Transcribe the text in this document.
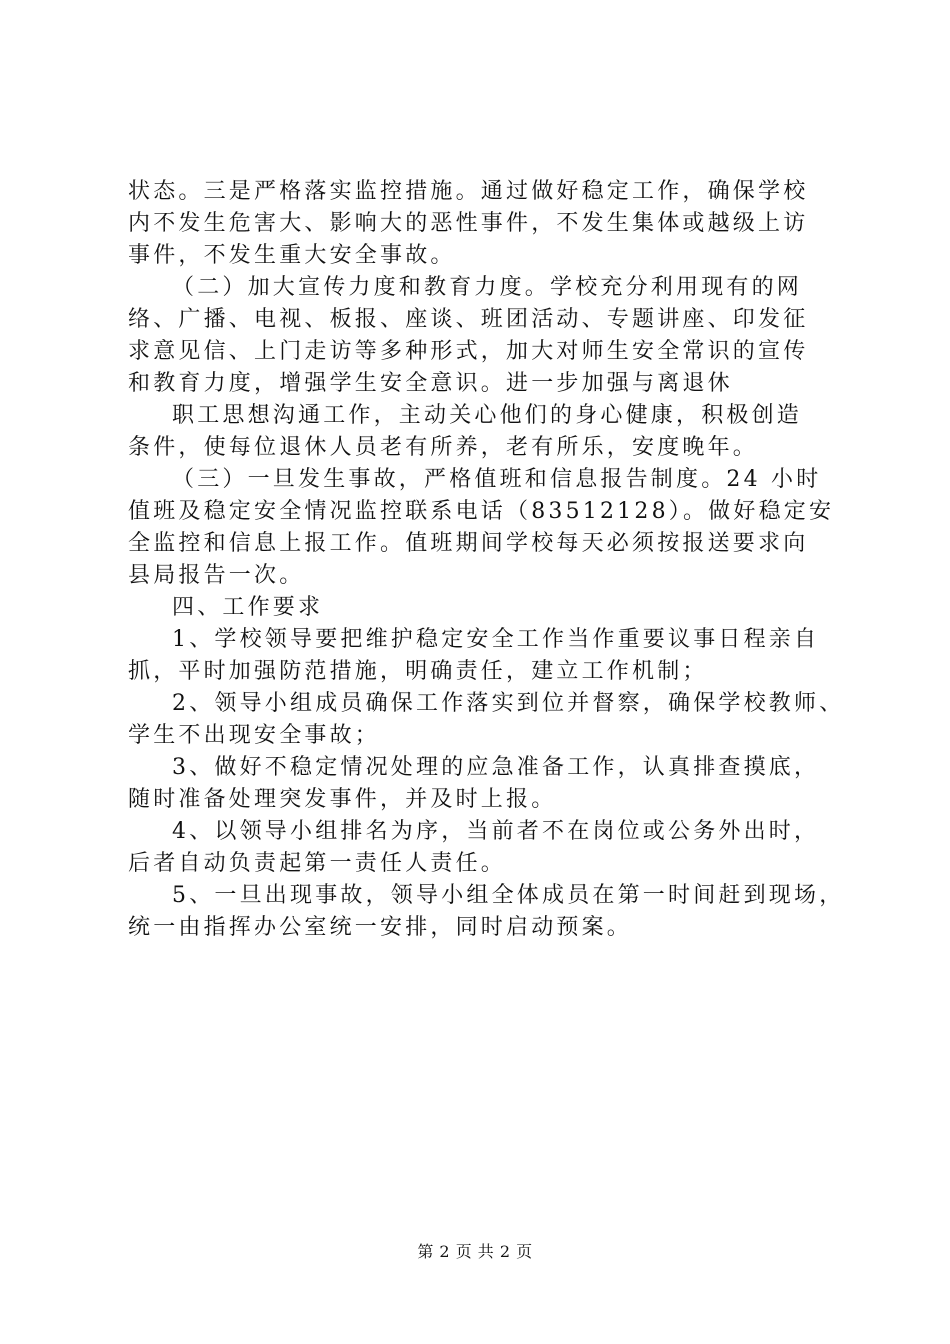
状态。三是严格落实监控措施。通过做好稳定工作，确保学校
内不发生危害大、影响大的恶性事件，不发生集体或越级上访
事件，不发生重大安全事故。
（二）加大宣传力度和教育力度。学校充分利用现有的网
络、广播、电视、板报、座谈、班团活动、专题讲座、印发征
求意见信、上门走访等多种形式，加大对师生安全常识的宣传
和教育力度，增强学生安全意识。进一步加强与离退休
职工思想沟通工作，主动关心他们的身心健康，积极创造
条件，使每位退休人员老有所养，老有所乐，安度晚年。
（三）一旦发生事故，严格值班和信息报告制度。24 小时
值班及稳定安全情况监控联系电话（83512128）。做好稳定安
全监控和信息上报工作。值班期间学校每天必须按报送要求向
县局报告一次。
四、工作要求
1、学校领导要把维护稳定安全工作当作重要议事日程亲自
抓，平时加强防范措施，明确责任，建立工作机制；
2、领导小组成员确保工作落实到位并督察，确保学校教师、
学生不出现安全事故；
3、做好不稳定情况处理的应急准备工作，认真排查摸底，
随时准备处理突发事件，并及时上报。
4、以领导小组排名为序，当前者不在岗位或公务外出时，
后者自动负责起第一责任人责任。
5、一旦出现事故，领导小组全体成员在第一时间赶到现场，
统一由指挥办公室统一安排，同时启动预案。
第 2 页 共 2 页
